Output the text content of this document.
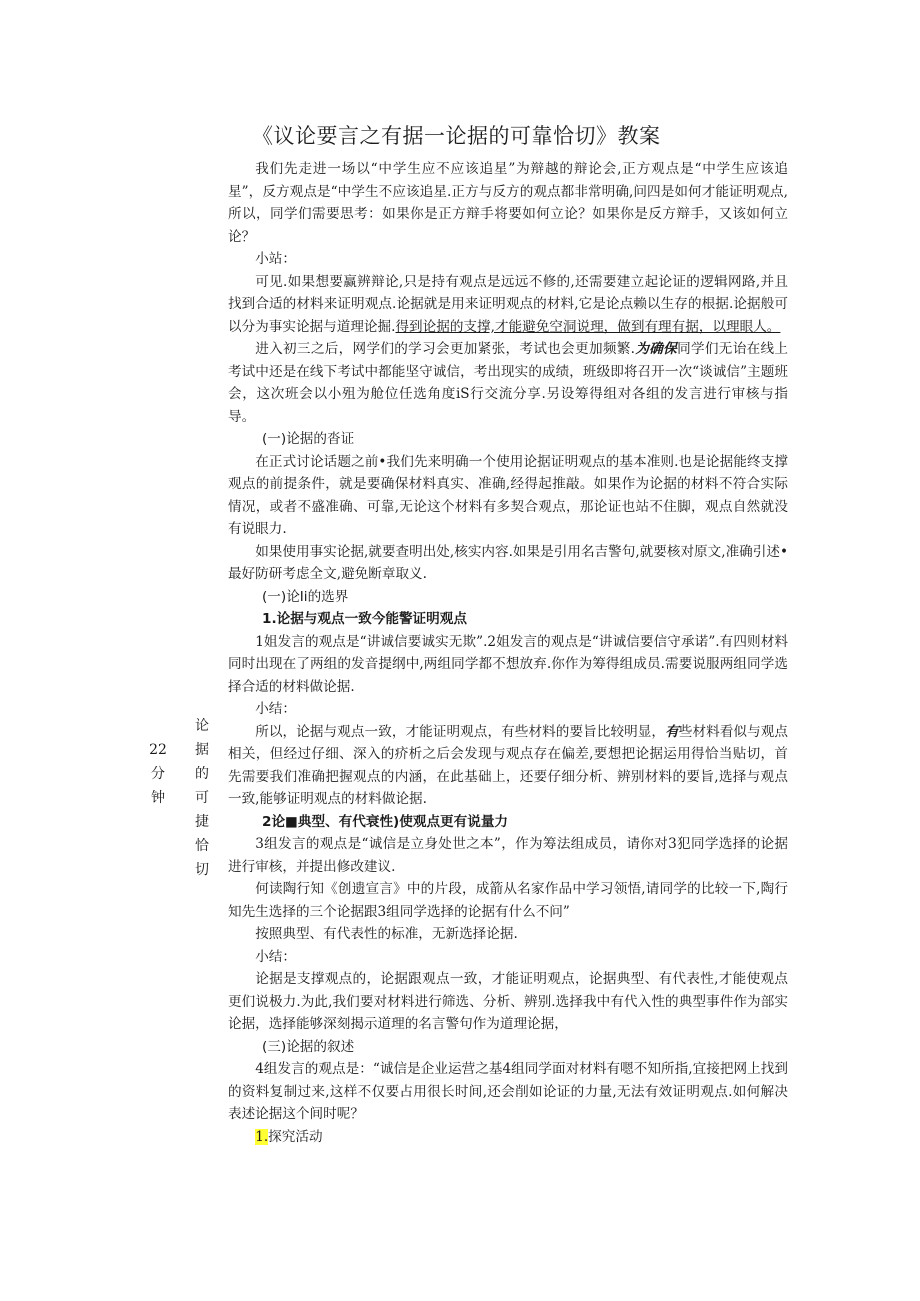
《议论要言之有据一论据的可靠恰切》教案
22
分
钟
论
据
的
可
捷
恰
切

我们先走进一场以“中学生应不应该追星”为辩越的辩论会,正方观点是“中学生应该追星”，反方观点是“中学生不应该追星.正方与反方的观点都非常明确,问四是如何才能证明观点,所以，同学们需要思考：如果你是正方辩手将要如何立论？如果你是反方辩手，又该如何立论？

小站：

可见.如果想要赢辨辩论,只是持有观点是远远不修的,还需要建立起论证的逻辑网路,并且找到合适的材料来证明观点.论据就是用来证明观点的材料,它是论点赖以生存的根据.论据般可以分为事实论据与道理论掘.得到论据的支撑,才能避免空洞说理，做到有理有据，以理眼人。

进入初三之后，网学们的学习会更加紧张，考试也会更加频繁.为确保同学们无诒在线上考试中还是在线下考试中都能坚守诚信，考出现实的成绩，班级即将召开一次“谈诚信”主题班会，这次班会以小殂为舱位任选角度iS行交流分享.另设筹得组对各组的发言进行审核与指导。

(一)论据的沓证

在正式讨论话题之前•我们先来明确一个使用论据证明观点的基本准则.也是论据能终支撑观点的前提条件，就是要确保材料真实、准确,经得起推敲。如果作为论据的材料不符合实际情况，或者不盛准确、可靠,无论这个材料有多契合观点，那论证也站不住脚，观点自然就没有说眼力.

如果使用事实论据,就要查明出处,核实内容.如果是引用名吉警句,就要核对原文,准确引述•最好防研考虑全文,避免断章取义.

(一)论Ii的选界

1.论据与观点一致今能警证明观点

1姐发言的观点是“讲诚信要诚实无欺”.2姐发言的观点是“讲诚信要信守承诺”.有四则材料同时出现在了两组的发音提纲中,两组同学都不想放弃.你作为筹得组成员.需要说服两组同学选择合适的材料做论据.

小结：

所以，论据与观点一致，才能证明观点，有些材料的要旨比较明显，有些材料看似与观点相关，但经过仔细、深入的疥析之后会发现与观点存在偏差,要想把论据运用得恰当贴切，首先需要我们准确把握观点的内涵，在此基础上，还要仔细分析、辨别材料的要旨,选择与观点一致,能够证明观点的材料做论据.

2论■典型、有代衰性)使观点更有说量力

3组发言的观点是“诚信是立身处世之本”，作为筹法组成员，请你对3犯同学选择的论据进行审核，并提出修改建议.

何读陶行知《创遗宣言》中的片段，成箭从名家作品中学习领悟,请同学的比较一下,陶行知先生选择的三个论据跟3组同学选择的论据有什么不问”

按照典型、有代表性的标准，无新选择论据.

小结：

论据是支撑观点的，论据跟观点一致，才能证明观点，论据典型、有代表性,才能使观点更们说极力.为此,我们要对材料进行筛选、分析、辨别.选择我中有代入性的典型事件作为部实论据，选择能够深刻揭示道理的名言警句作为道理论据，

(三)论据的叙述

4组发言的观点是：“诚信是企业运营之基4组同学面对材料有嗯不知所指,宜接把网上找到的资料复制过来,这样不仅要占用很长时间,还会削如论证的力量,无法有效证明观点.如何解决表述论据这个间时呢？

1.探究活动
